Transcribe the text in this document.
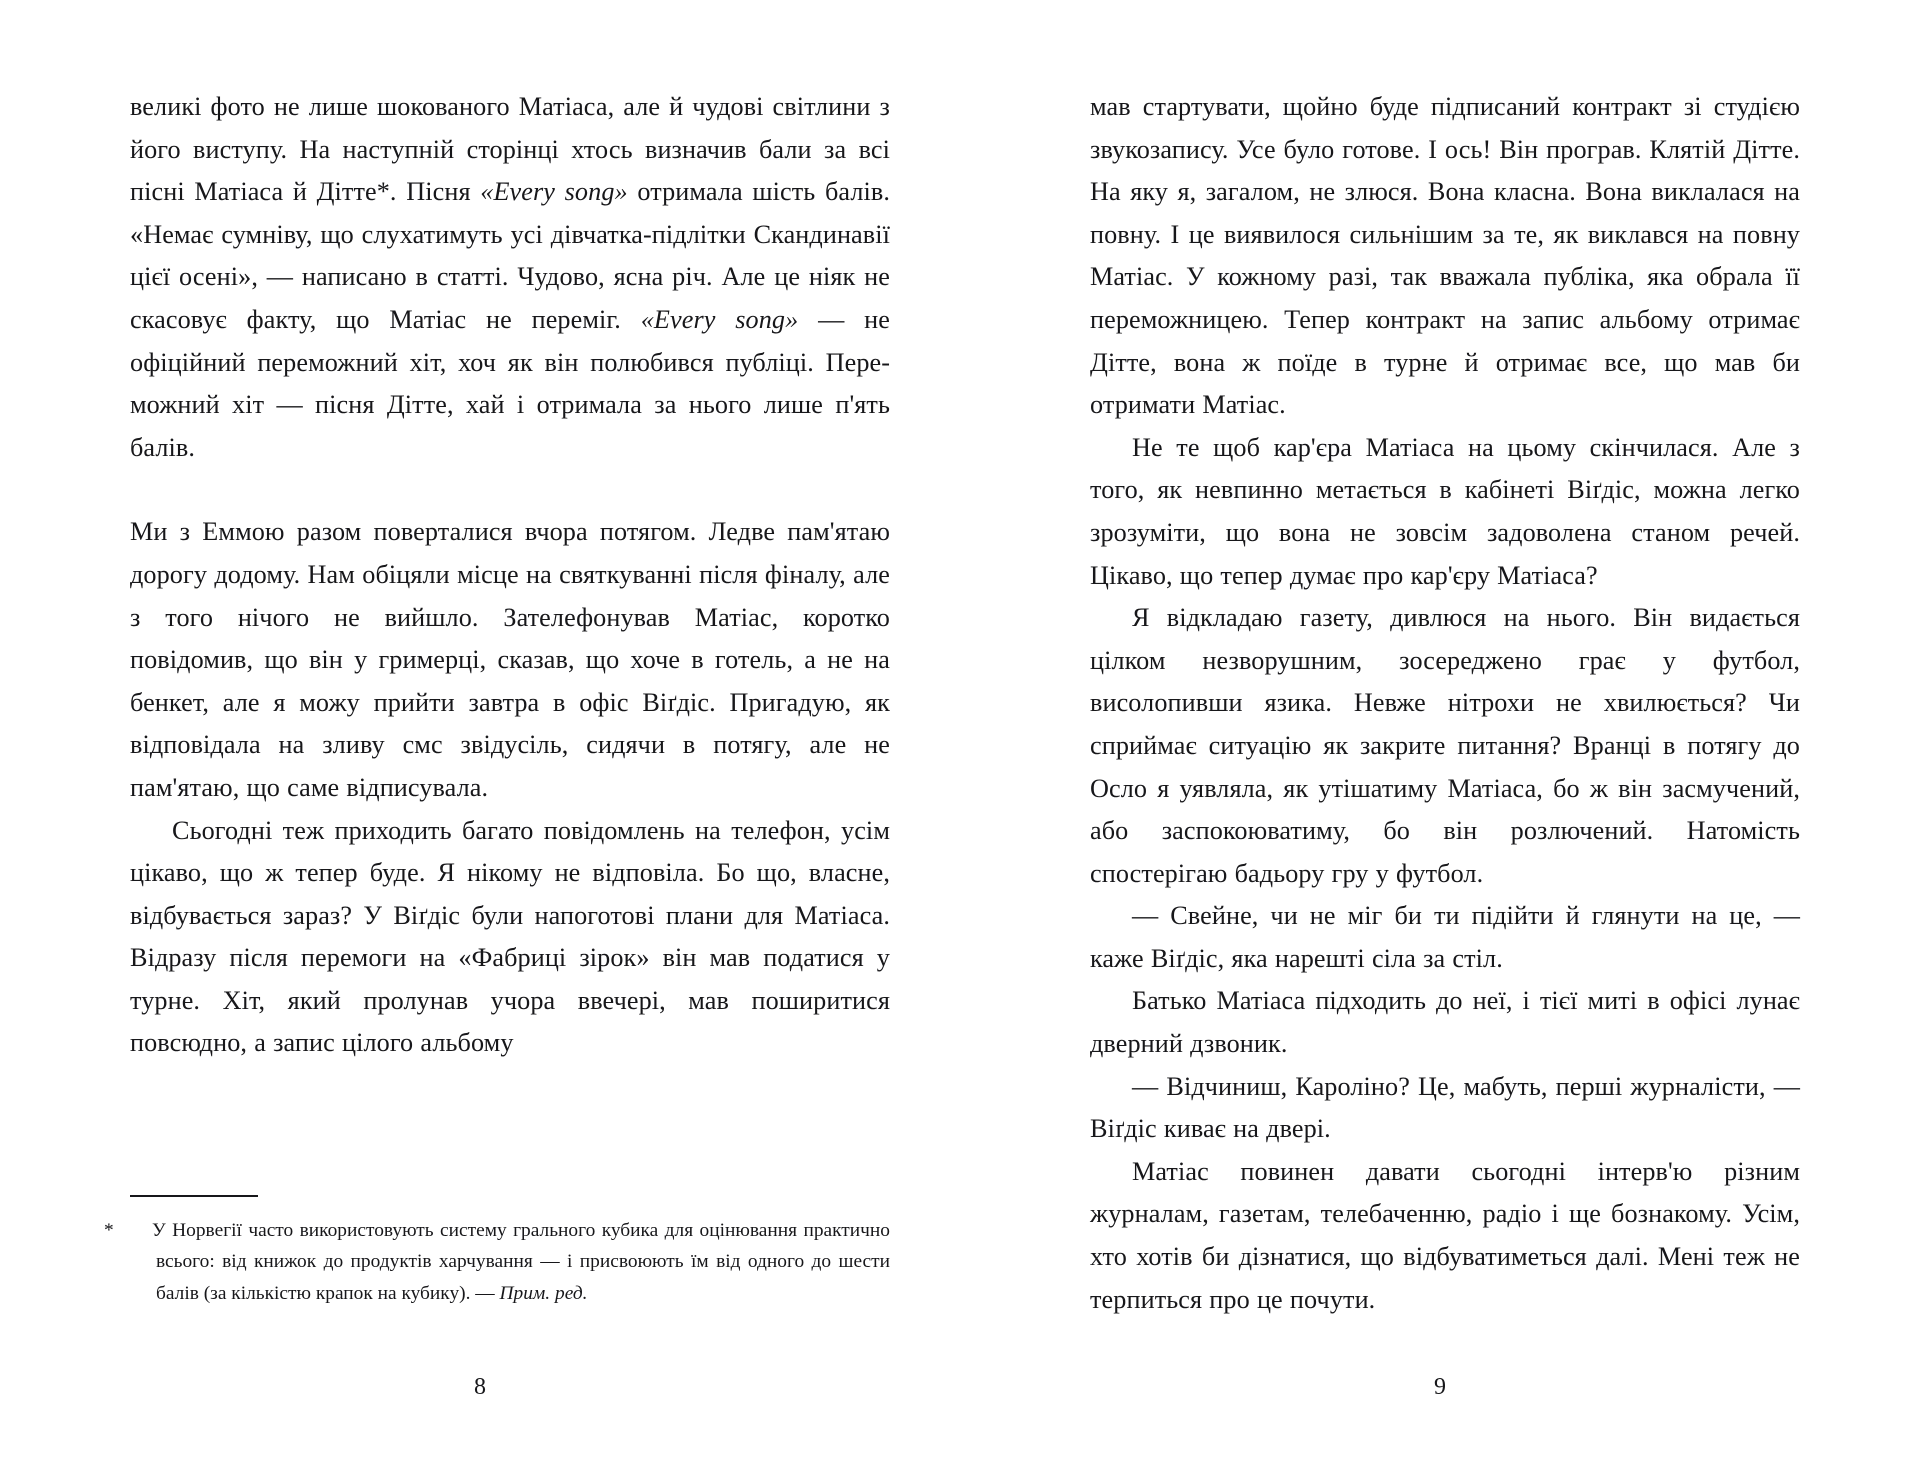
великі фото не лише шокованого Матіаса, але й чудові світлини з його виступу. На наступній сторінці хтось визначив бали за всі пісні Матіаса й Дітте*. Пісня «Every song» отримала шість балів. «Немає сумніву, що слухатимуть усі дівчатка-підлітки Скандинавії цієї осені», — написано в статті. Чудово, ясна річ. Але це ніяк не скасовує факту, що Матіас не переміг. «Every song» — не офіційний переможний хіт, хоч як він полюбився публіці. Переможний хіт — пісня Дітте, хай і отримала за нього лише п'ять балів.

Ми з Еммою разом поверталися вчора потягом. Ледве пам'ятаю дорогу додому. Нам обіцяли місце на святкуванні після фіналу, але з того нічого не вийшло. Зателефонував Матіас, коротко повідомив, що він у гримерці, сказав, що хоче в готель, а не на бенкет, але я можу прийти завтра в офіс Віґдіс. Пригадую, як відповідала на зливу смс звідусіль, сидячи в потягу, але не пам'ятаю, що саме відписувала.

Сьогодні теж приходить багато повідомлень на телефон, усім цікаво, що ж тепер буде. Я нікому не відповіла. Бо що, власне, відбувається зараз? У Віґдіс були напоготові плани для Матіаса. Відразу після перемоги на «Фабриці зірок» він мав податися у турне. Хіт, який пролунав учора ввечері, мав поширитися повсюдно, а запис цілого альбому

* У Норвегії часто використовують систему грального кубика для оцінювання практично всього: від книжок до продуктів харчування — і присвоюють їм від одного до шести балів (за кількістю крапок на кубику). — Прим. ред.
8

мав стартувати, щойно буде підписаний контракт зі студією звукозапису. Усе було готове. І ось! Він програв. Клятій Дітте. На яку я, загалом, не злюся. Вона класна. Вона виклалася на повну. І це виявилося сильнішим за те, як виклався на повну Матіас. У кожному разі, так вважала публіка, яка обрала її переможницею. Тепер контракт на запис альбому отримає Дітте, вона ж поїде в турне й отримає все, що мав би отримати Матіас.

Не те щоб кар'єра Матіаса на цьому скінчилася. Але з того, як невпинно метається в кабінеті Віґдіс, можна легко зрозуміти, що вона не зовсім задоволена станом речей. Цікаво, що тепер думає про кар'єру Матіаса?

Я відкладаю газету, дивлюся на нього. Він видається цілком незворушним, зосереджено грає у футбол, висолопивши язика. Невже нітрохи не хвилюється? Чи сприймає ситуацію як закрите питання? Вранці в потягу до Осло я уявляла, як утішатиму Матіаса, бо ж він засмучений, або заспокоюватиму, бо він розлючений. Натомість спостерігаю бадьору гру у футбол.

— Свейне, чи не міг би ти підійти й глянути на це, — каже Віґдіс, яка нарешті сіла за стіл.

Батько Матіаса підходить до неї, і тієї миті в офісі лунає дверний дзвоник.

— Відчиниш, Кароліно? Це, мабуть, перші журналісти, — Віґдіс киває на двері.

Матіас повинен давати сьогодні інтерв'ю різним журналам, газетам, телебаченню, радіо і ще бознакому. Усім, хто хотів би дізнатися, що відбуватиметься далі. Мені теж не терпиться про це почути.

9
